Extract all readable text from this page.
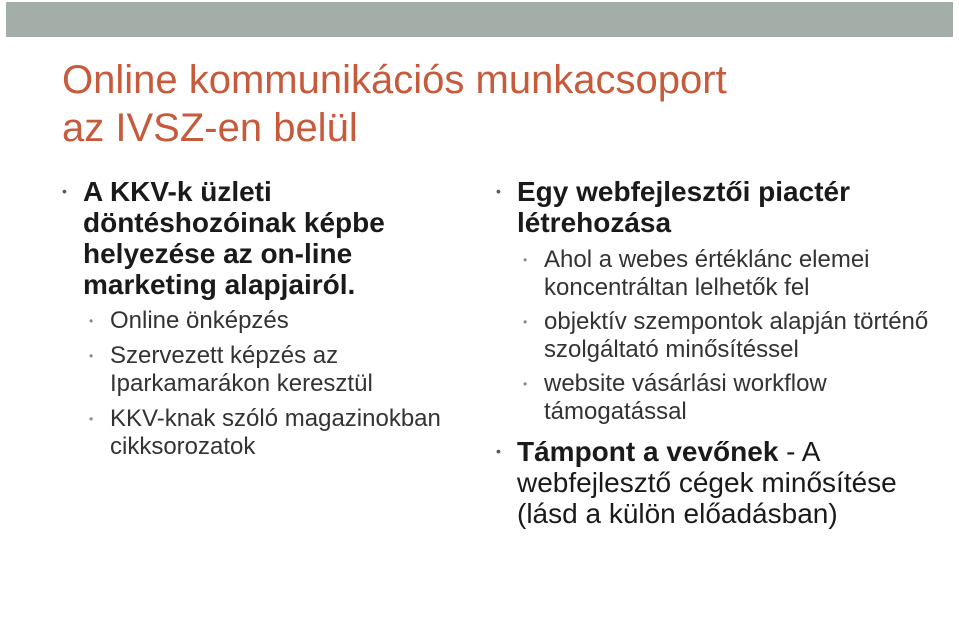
Online kommunikációs munkacsoport
az IVSZ-en belül
• A KKV-k üzleti döntéshozóinak képbe helyezése az on-line marketing alapjairól.
• Online önképzés
• Szervezett képzés az Iparkamarákon keresztül
• KKV-knak szóló magazinokban cikksorozatok
• Egy webfejlesztői piactér létrehozása
• Ahol a webes értéklánc elemei koncentráltan lelhetők fel
• objektív szempontok alapján történő szolgáltató minősítéssel
• website vásárlási workflow támogatással
• Támpont a vevőnek - A webfejlesztő cégek minősítése (lásd a külön előadásban)
